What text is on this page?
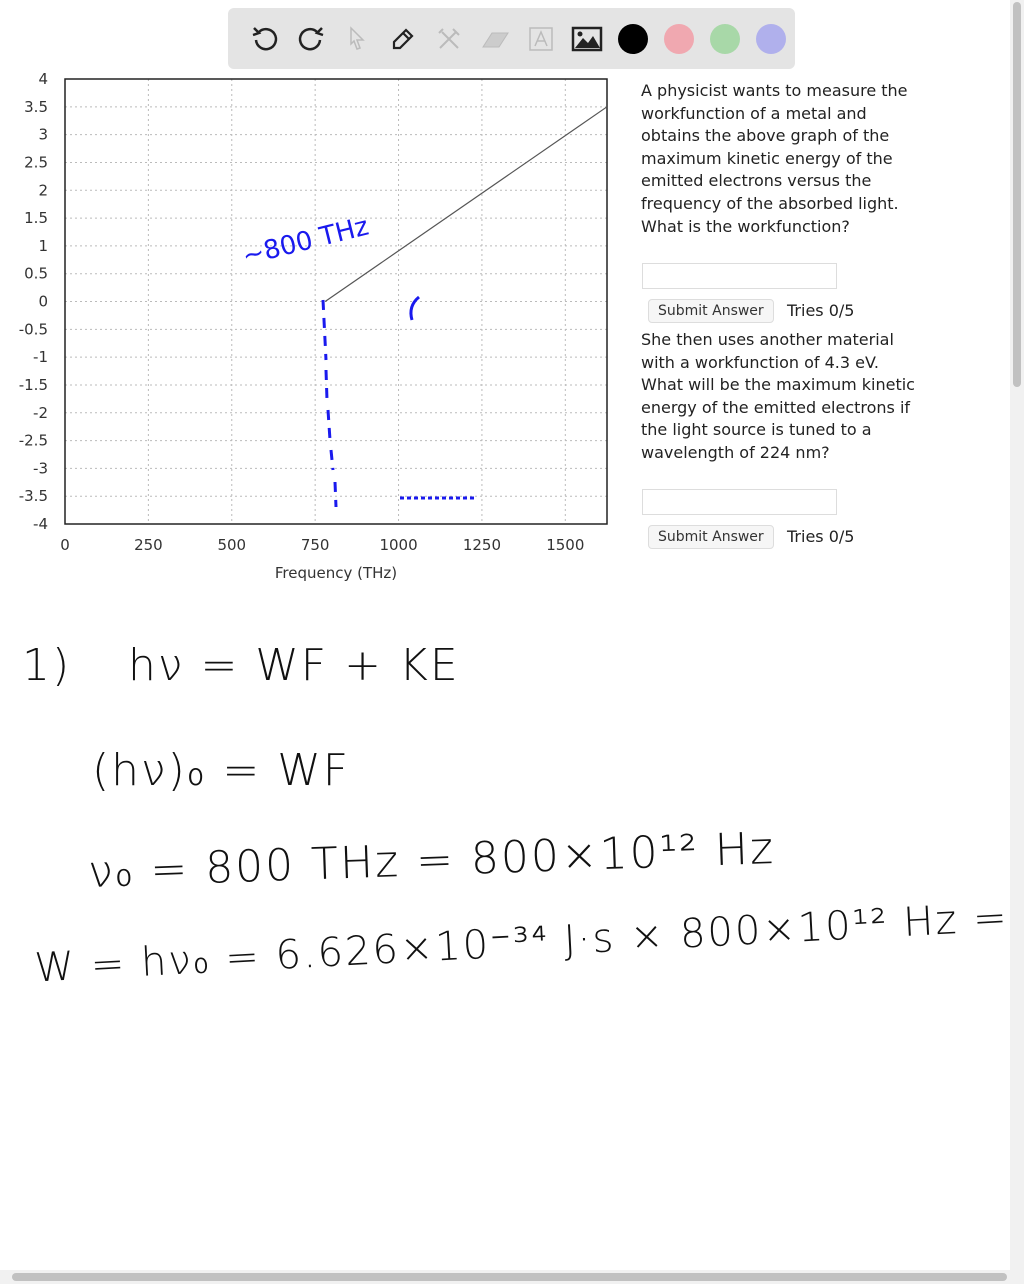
0	250	500	750	1000	1250	1500
4
3.5
3
2.5
2
1.5
1
0.5
0
-0.5
-1
-1.5
-2
-2.5
-3
-3.5
-4
Frequency (THz)
~800 THz
A physicist wants to measure the workfunction of a metal and obtains the above graph of the maximum kinetic energy of the emitted electrons versus the frequency of the absorbed light. What is the workfunction?
Submit Answer	Tries 0/5
She then uses another material with a workfunction of 4.3 eV. What will be the maximum kinetic energy of the emitted electrons if the light source is tuned to a wavelength of 224 nm?
Submit Answer	Tries 0/5
1) hν = WF + KE
(hν)₀ = WF
ν₀ = 800 THz = 800×10¹² Hz
W = hν₀ = 6.626×10⁻³⁴ J·s × 800×10¹² Hz =
